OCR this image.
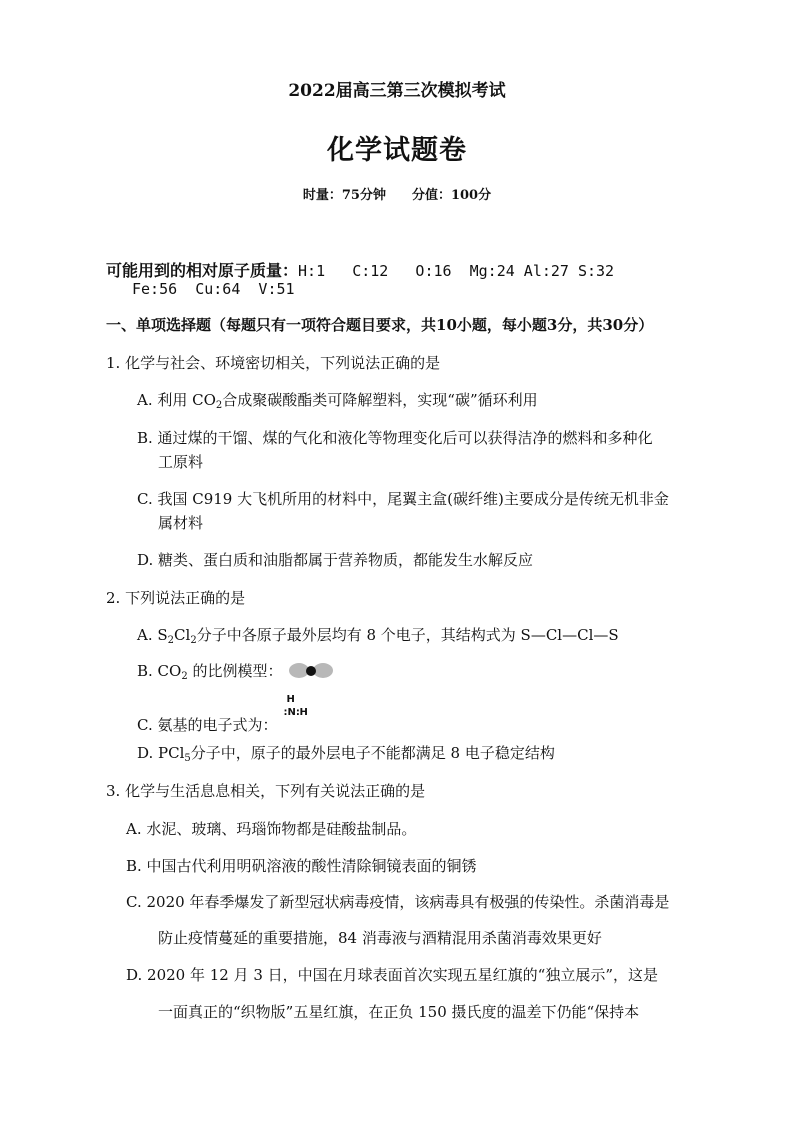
2022届高三第三次模拟考试
化学试题卷
时量：75分钟 分值：100分
可能用到的相对原子质量：H:1   C:12   O:16  Mg:24 Al:27 S:32
Fe:56  Cu:64  V:51
一、单项选择题（每题只有一项符合题目要求，共10小题，每小题3分，共30分）
1. 化学与社会、环境密切相关，下列说法正确的是
A. 利用 $CO_2$合成聚碳酸酯类可降解塑料，实现“碳”循环利用
B. 通过煤的干馏、煤的气化和液化等物理变化后可以获得洁净的燃料和多种化
工原料
C. 我国 C919 大飞机所用的材料中，尾翼主盒(碳纤维)主要成分是传统无机非金
属材料
D. 糖类、蛋白质和油脂都属于营养物质，都能发生水解反应
2. 下列说法正确的是
A. $S_2Cl_2$分子中各原子最外层均有 8 个电子，其结构式为 S—Cl—Cl—S
B. $CO_2$ 的比例模型：
C. 氨基的电子式为：
H
:N: H
D. PCl$_5$分子中，原子的最外层电子不能都满足 8 电子稳定结构
3. 化学与生活息息相关，下列有关说法正确的是
A. 水泥、玻璃、玛瑙饰物都是硅酸盐制品。
B. 中国古代利用明矾溶液的酸性清除铜镜表面的铜锈
C. 2020 年春季爆发了新型冠状病毒疫情，该病毒具有极强的传染性。杀菌消毒是
防止疫情蔓延的重要措施，84 消毒液与酒精混用杀菌消毒效果更好
D. 2020 年 12 月 3 日，中国在月球表面首次实现五星红旗的“独立展示”，这是
一面真正的“织物版”五星红旗，在正负 150 摄氏度的温差下仍能“保持本
